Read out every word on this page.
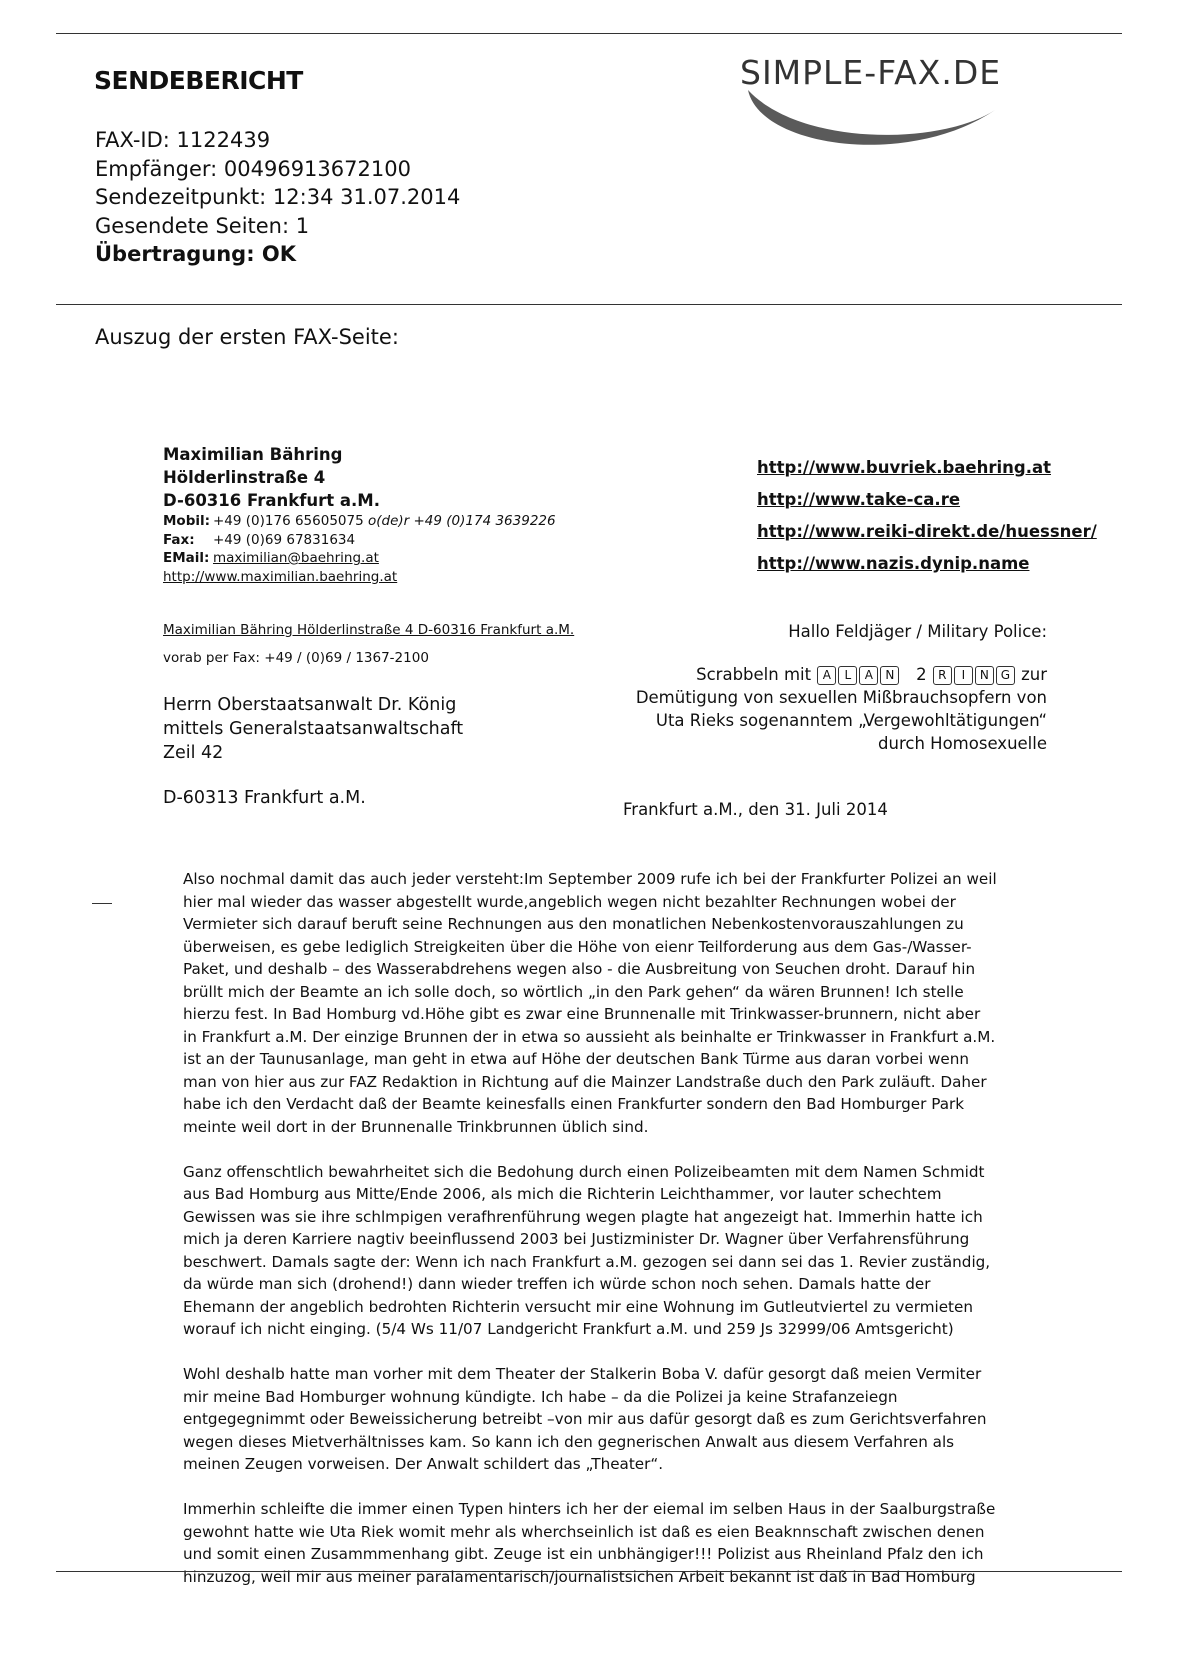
SENDEBERICHT	SIMPLE-FAX.DE
FAX-ID: 1122439
Empfänger: 00496913672100
Sendezeitpunkt: 12:34 31.07.2014
Gesendete Seiten: 1
Übertragung: OK
Auszug der ersten FAX-Seite:
Maximilian Bähring
Hölderlinstraße 4
D-60316 Frankfurt a.M.
Mobil: +49 (0)176 65605075 o(de)r +49 (0)174 3639226
Fax: +49 (0)69 67831634
EMail: maximilian@baehring.at
http://www.maximilian.baehring.at
http://www.buvriek.baehring.at
http://www.take-ca.re
http://www.reiki-direkt.de/huessner/
http://www.nazis.dynip.name
Maximilian Bähring Hölderlinstraße 4 D-60316 Frankfurt a.M.
vorab per Fax: +49 / (0)69 / 1367-2100
Herrn Oberstaatsanwalt Dr. König
mittels Generalstaatsanwaltschaft
Zeil 42
D-60313 Frankfurt a.M.
Hallo Feldjäger / Military Police:
Scrabbeln mit A L A N 2 R I N G zur
Demütigung von sexuellen Mißbrauchsopfern von
Uta Rieks sogenanntem „Vergewohltätigungen“
durch Homosexuelle
Frankfurt a.M., den 31. Juli 2014

Also nochmal damit das auch jeder versteht:Im September 2009 rufe ich bei der Frankfurter Polizei an weil
hier mal wieder das wasser abgestellt wurde,angeblich wegen nicht bezahlter Rechnungen wobei der
Vermieter sich darauf beruft seine Rechnungen aus den monatlichen Nebenkostenvorauszahlungen zu
überweisen, es gebe lediglich Streigkeiten über die Höhe von eienr Teilforderung aus dem Gas-/Wasser-
Paket, und deshalb – des Wasserabdrehens wegen also - die Ausbreitung von Seuchen droht. Darauf hin
brüllt mich der Beamte an ich solle doch, so wörtlich „in den Park gehen“ da wären Brunnen! Ich stelle
hierzu fest. In Bad Homburg vd.Höhe gibt es zwar eine Brunnenalle mit Trinkwasser-brunnern, nicht aber
in Frankfurt a.M. Der einzige Brunnen der in etwa so aussieht als beinhalte er Trinkwasser in Frankfurt a.M.
ist an der Taunusanlage, man geht in etwa auf Höhe der deutschen Bank Türme aus daran vorbei wenn
man von hier aus zur FAZ Redaktion in Richtung auf die Mainzer Landstraße duch den Park zuläuft. Daher
habe ich den Verdacht daß der Beamte keinesfalls einen Frankfurter sondern den Bad Homburger Park
meinte weil dort in der Brunnenalle Trinkbrunnen üblich sind.

Ganz offenschtlich bewahrheitet sich die Bedohung durch einen Polizeibeamten mit dem Namen Schmidt
aus Bad Homburg aus Mitte/Ende 2006, als mich die Richterin Leichthammer, vor lauter schechtem
Gewissen was sie ihre schlmpigen verafhrenführung wegen plagte hat angezeigt hat. Immerhin hatte ich
mich ja deren Karriere nagtiv beeinflussend 2003 bei Justizminister Dr. Wagner über Verfahrensführung
beschwert. Damals sagte der: Wenn ich nach Frankfurt a.M. gezogen sei dann sei das 1. Revier zuständig,
da würde man sich (drohend!) dann wieder treffen ich würde schon noch sehen. Damals hatte der
Ehemann der angeblich bedrohten Richterin versucht mir eine Wohnung im Gutleutviertel zu vermieten
worauf ich nicht einging. (5/4 Ws 11/07 Landgericht Frankfurt a.M. und 259 Js 32999/06 Amtsgericht)

Wohl deshalb hatte man vorher mit dem Theater der Stalkerin Boba V. dafür gesorgt daß meien Vermiter
mir meine Bad Homburger wohnung kündigte. Ich habe – da die Polizei ja keine Strafanzeiegn
entgegegnimmt oder Beweissicherung betreibt –von mir aus dafür gesorgt daß es zum Gerichtsverfahren
wegen dieses Mietverhältnisses kam. So kann ich den gegnerischen Anwalt aus diesem Verfahren als
meinen Zeugen vorweisen. Der Anwalt schildert das „Theater“.

Immerhin schleifte die immer einen Typen hinters ich her der eiemal im selben Haus in der Saalburgstraße
gewohnt hatte wie Uta Riek womit mehr als wherchseinlich ist daß es eien Beaknnschaft zwischen denen
und somit einen Zusammmenhang gibt. Zeuge ist ein unbhängiger!!! Polizist aus Rheinland Pfalz den ich
hinzuzog, weil mir aus meiner paralamentarisch/journalistsichen Arbeit bekannt ist daß in Bad Homburg
